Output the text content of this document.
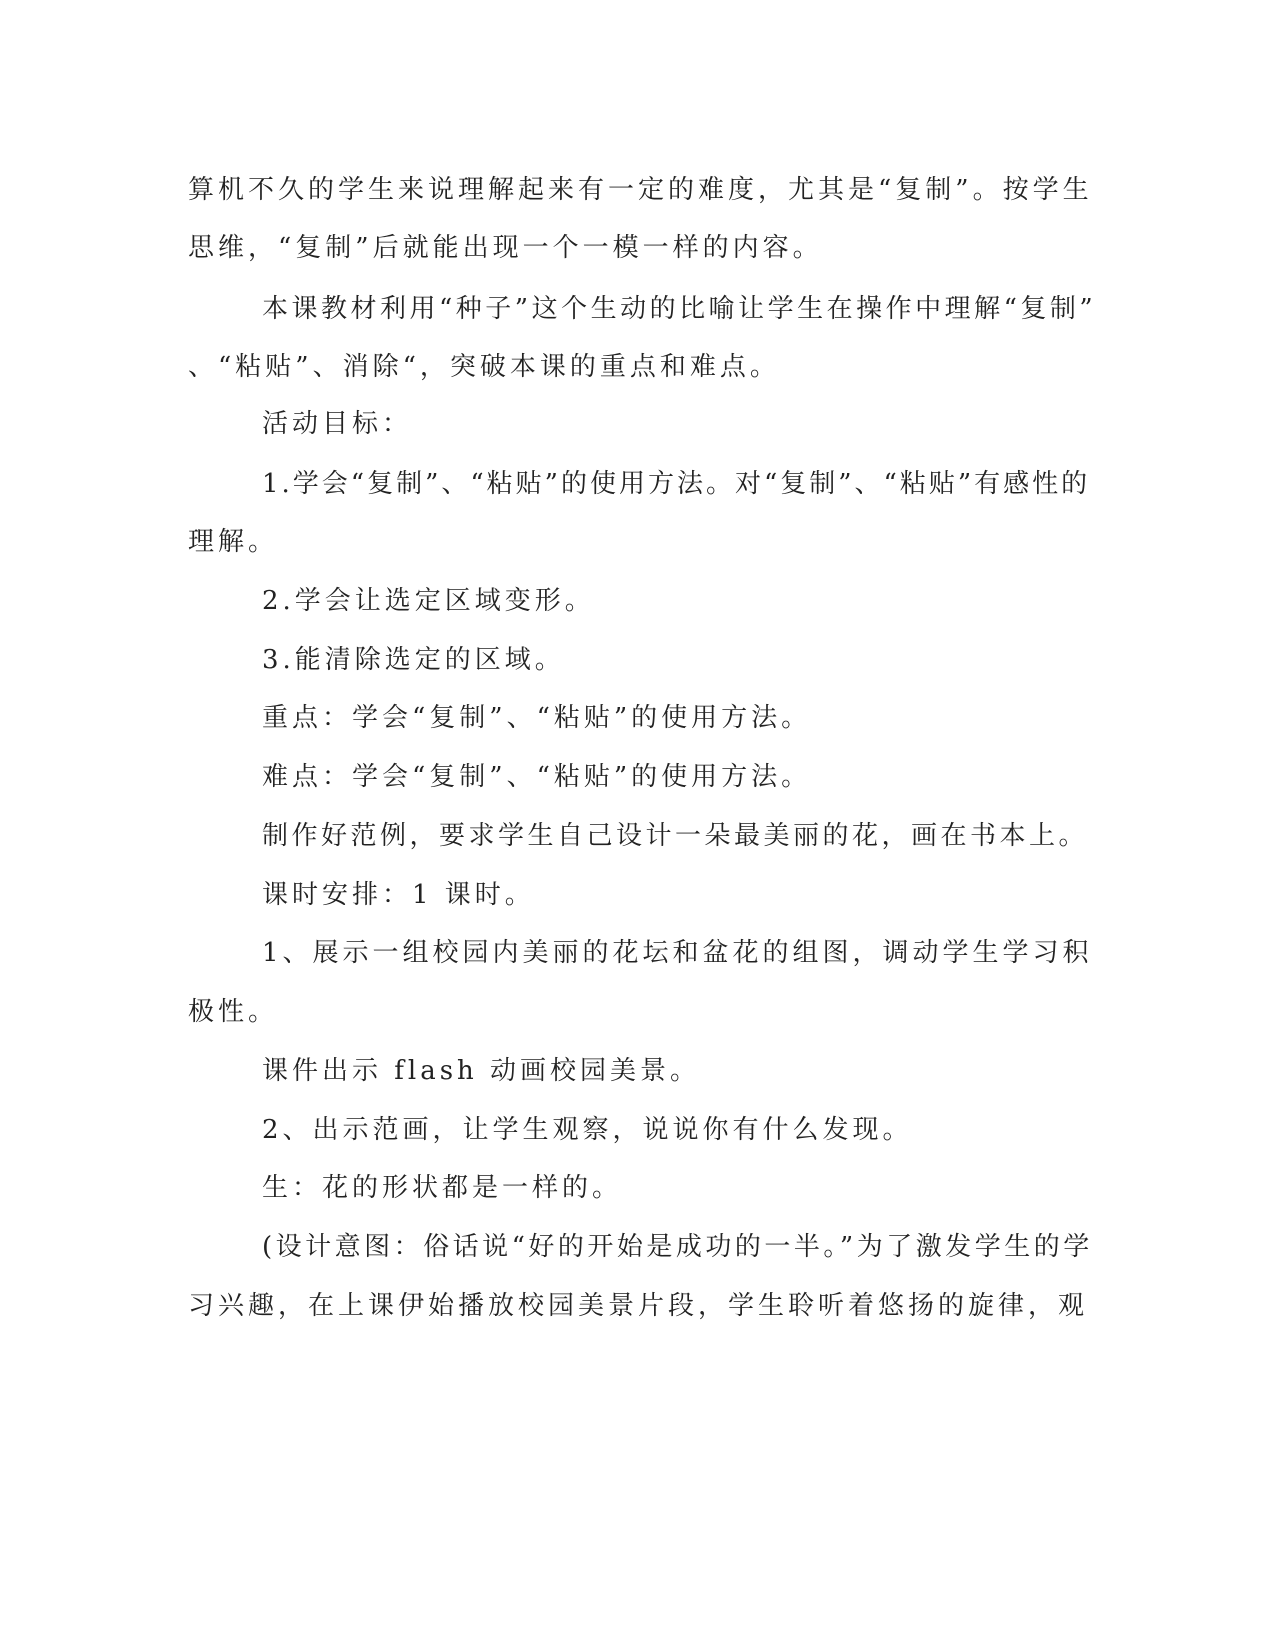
算机不久的学生来说理解起来有一定的难度，尤其是“复制”。按学生

思维，“复制”后就能出现一个一模一样的内容。

本课教材利用“种子”这个生动的比喻让学生在操作中理解“复制”

、“粘贴”、消除“，突破本课的重点和难点。

活动目标：

1.学会“复制”、“粘贴”的使用方法。对“复制”、“粘贴”有感性的

理解。

2.学会让选定区域变形。

3.能清除选定的区域。

重点：学会“复制”、“粘贴”的使用方法。

难点：学会“复制”、“粘贴”的使用方法。

制作好范例，要求学生自己设计一朵最美丽的花，画在书本上。

课时安排：1 课时。

1、展示一组校园内美丽的花坛和盆花的组图，调动学生学习积

极性。

课件出示 flash 动画校园美景。

2、出示范画，让学生观察，说说你有什么发现。

生：花的形状都是一样的。

(设计意图：俗话说“好的开始是成功的一半。”为了激发学生的学

习兴趣，在上课伊始播放校园美景片段，学生聆听着悠扬的旋律，观
